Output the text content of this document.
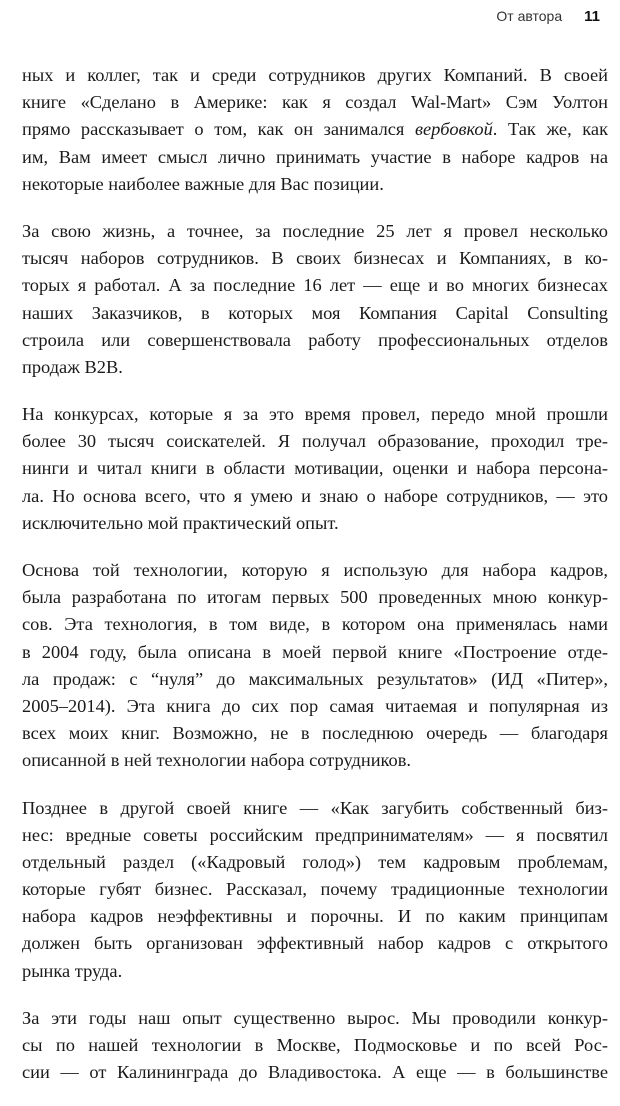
От автора 11

ных и коллег, так и среди сотрудников других Компаний. В своей
книге «Сделано в Америке: как я создал Wal-Mart» Сэм Уолтон
прямо рассказывает о том, как он занимался вербовкой. Так же, как
им, Вам имеет смысл лично принимать участие в наборе кадров на
некоторые наиболее важные для Вас позиции.

За свою жизнь, а точнее, за последние 25 лет я провел несколько
тысяч наборов сотрудников. В своих бизнесах и Компаниях, в ко-
торых я работал. А за последние 16 лет — еще и во многих бизнесах
наших Заказчиков, в которых моя Компания Capital Consulting
строила или совершенствовала работу профессиональных отделов
продаж B2B.

На конкурсах, которые я за это время провел, передо мной прошли
более 30 тысяч соискателей. Я получал образование, проходил тре-
нинги и читал книги в области мотивации, оценки и набора персона-
ла. Но основа всего, что я умею и знаю о наборе сотрудников, — это
исключительно мой практический опыт.

Основа той технологии, которую я использую для набора кадров,
была разработана по итогам первых 500 проведенных мною конкур-
сов. Эта технология, в том виде, в котором она применялась нами
в 2004 году, была описана в моей первой книге «Построение отде-
ла продаж: с “нуля” до максимальных результатов» (ИД «Питер»,
2005–2014). Эта книга до сих пор самая читаемая и популярная из
всех моих книг. Возможно, не в последнюю очередь — благодаря
описанной в ней технологии набора сотрудников.

Позднее в другой своей книге — «Как загубить собственный биз-
нес: вредные советы российским предпринимателям» — я посвятил
отдельный раздел («Кадровый голод») тем кадровым проблемам,
которые губят бизнес. Рассказал, почему традиционные технологии
набора кадров неэффективны и порочны. И по каким принципам
должен быть организован эффективный набор кадров с открытого
рынка труда.

За эти годы наш опыт существенно вырос. Мы проводили конкур-
сы по нашей технологии в Москве, Подмосковье и по всей Рос-
сии — от Калининграда до Владивостока. А еще — в большинстве
